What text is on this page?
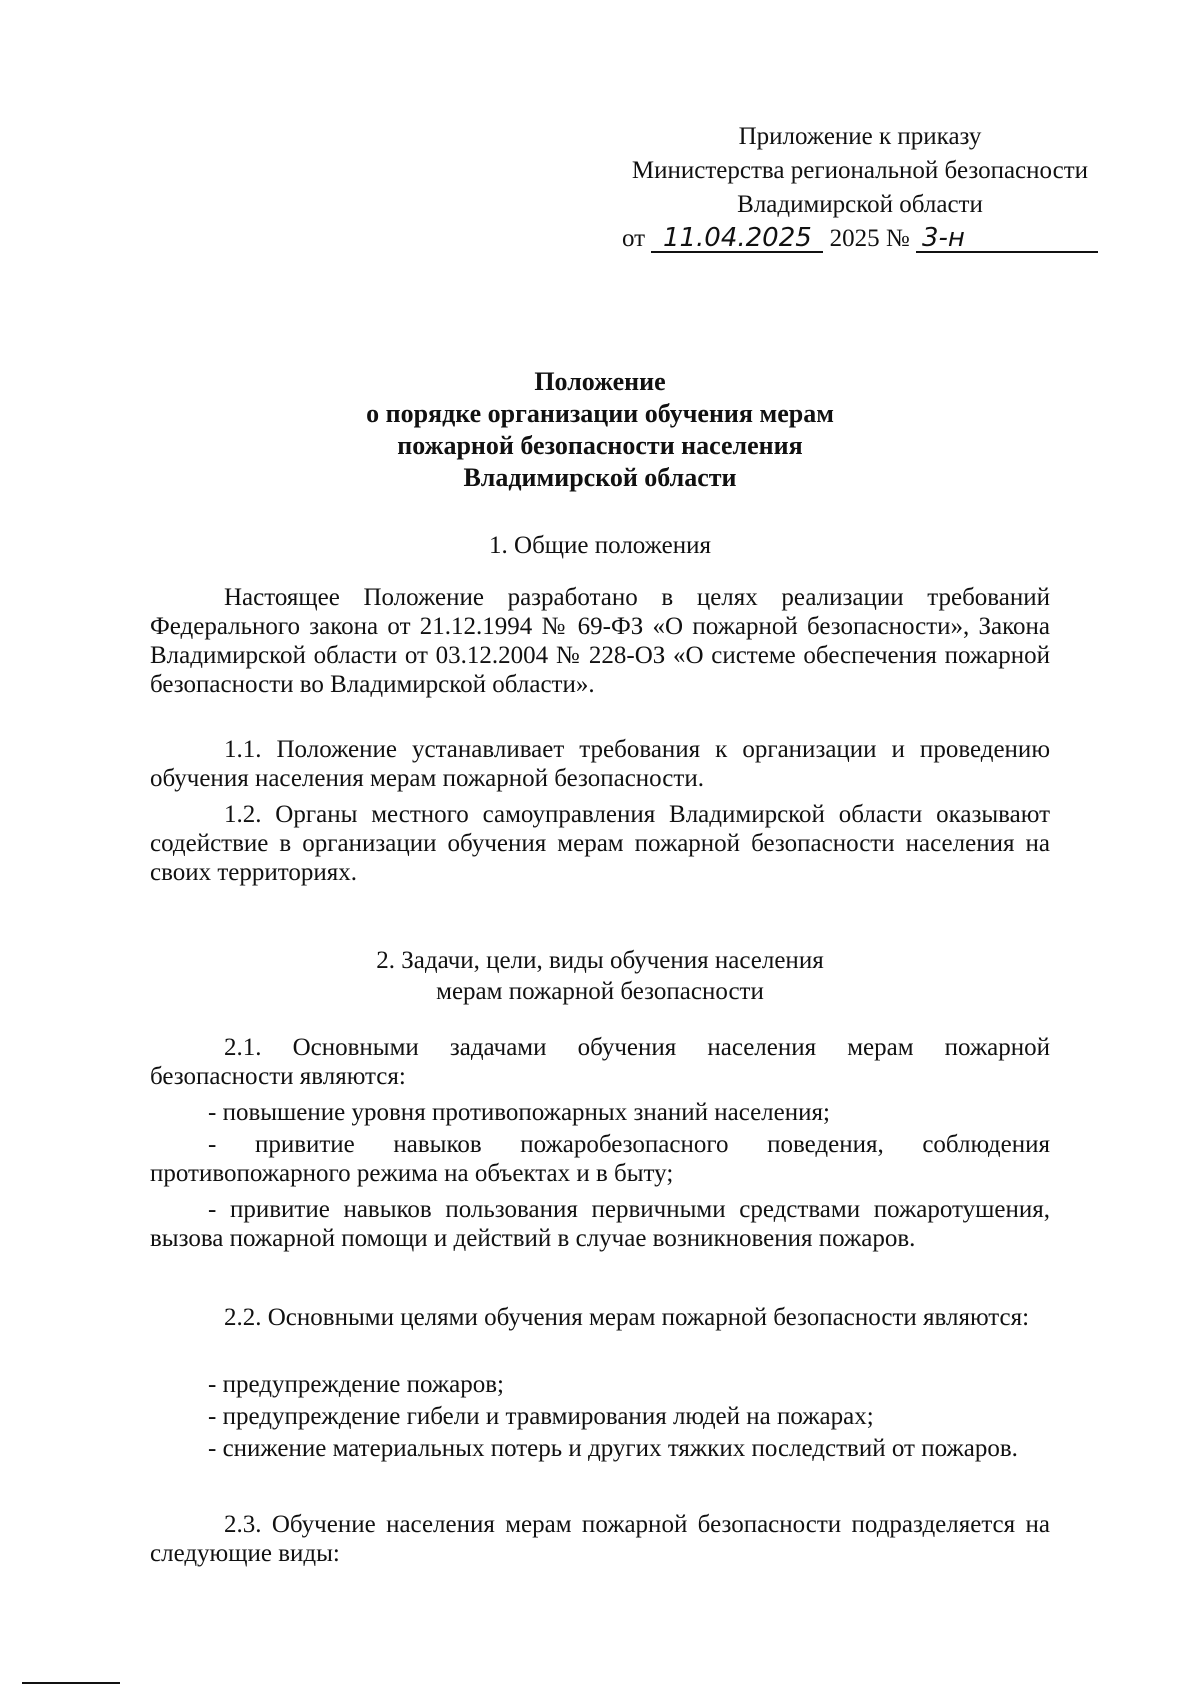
Приложение к приказу
Министерства региональной безопасности
Владимирской области
от
11.04.2025
2025 №
3-н
Положение
о порядке организации обучения мерам
пожарной безопасности населения
Владимирской области
1. Общие положения
Настоящее Положение разработано в целях реализации требований Федерального закона от 21.12.1994 № 69-ФЗ «О пожарной безопасности», Закона Владимирской области от 03.12.2004 № 228-ОЗ «О системе обеспечения пожарной безопасности во Владимирской области».
1.1. Положение устанавливает требования к организации и проведению обучения населения мерам пожарной безопасности.
1.2. Органы местного самоуправления Владимирской области оказывают содействие в организации обучения мерам пожарной безопасности населения на своих территориях.
2. Задачи, цели, виды обучения населения
мерам пожарной безопасности
2.1. Основными задачами обучения населения мерам пожарной безопасности являются:
- повышение уровня противопожарных знаний населения;
- привитие навыков пожаробезопасного поведения, соблюдения противопожарного режима на объектах и в быту;
- привитие навыков пользования первичными средствами пожаротушения, вызова пожарной помощи и действий в случае возникновения пожаров.
2.2. Основными целями обучения мерам пожарной безопасности являются:
- предупреждение пожаров;
- предупреждение гибели и травмирования людей на пожарах;
- снижение материальных потерь и других тяжких последствий от пожаров.
2.3. Обучение населения мерам пожарной безопасности подразделяется на следующие виды:
